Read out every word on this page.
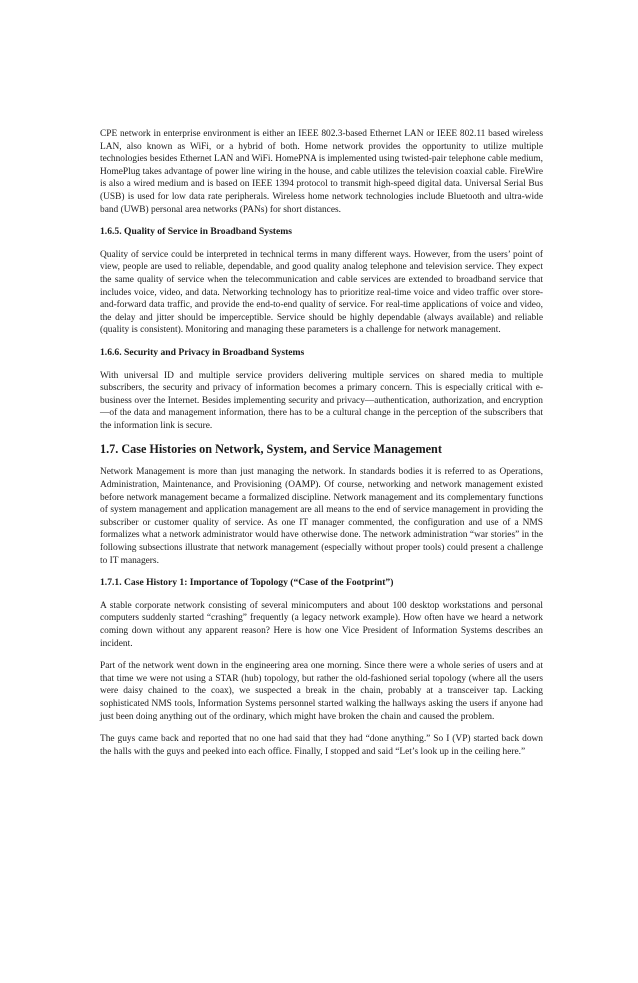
CPE network in enterprise environment is either an IEEE 802.3-based Ethernet LAN or IEEE 802.11 based wireless LAN, also known as WiFi, or a hybrid of both. Home network provides the opportunity to utilize multiple technologies besides Ethernet LAN and WiFi. HomePNA is implemented using twisted-pair telephone cable medium, HomePlug takes advantage of power line wiring in the house, and cable utilizes the television coaxial cable. FireWire is also a wired medium and is based on IEEE 1394 protocol to transmit high-speed digital data. Universal Serial Bus (USB) is used for low data rate peripherals. Wireless home network technologies include Bluetooth and ultra-wide band (UWB) personal area networks (PANs) for short distances.

1.6.5. Quality of Service in Broadband Systems

Quality of service could be interpreted in technical terms in many different ways. However, from the users’ point of view, people are used to reliable, dependable, and good quality analog telephone and television service. They expect the same quality of service when the telecommunication and cable services are extended to broadband service that includes voice, video, and data. Networking technology has to prioritize real-time voice and video traffic over store-and-forward data traffic, and provide the end-to-end quality of service. For real-time applications of voice and video, the delay and jitter should be imperceptible. Service should be highly dependable (always available) and reliable (quality is consistent). Monitoring and managing these parameters is a challenge for network management.

1.6.6. Security and Privacy in Broadband Systems

With universal ID and multiple service providers delivering multiple services on shared media to multiple subscribers, the security and privacy of information becomes a primary concern. This is especially critical with e-business over the Internet. Besides implementing security and privacy—authentication, authorization, and encryption—of the data and management information, there has to be a cultural change in the perception of the subscribers that the information link is secure.

1.7. Case Histories on Network, System, and Service Management

Network Management is more than just managing the network. In standards bodies it is referred to as Operations, Administration, Maintenance, and Provisioning (OAMP). Of course, networking and network management existed before network management became a formalized discipline. Network management and its complementary functions of system management and application management are all means to the end of service management in providing the subscriber or customer quality of service. As one IT manager commented, the configuration and use of a NMS formalizes what a network administrator would have otherwise done. The network administration “war stories” in the following subsections illustrate that network management (especially without proper tools) could present a challenge to IT managers.

1.7.1. Case History 1: Importance of Topology (“Case of the Footprint”)

A stable corporate network consisting of several minicomputers and about 100 desktop workstations and personal computers suddenly started “crashing” frequently (a legacy network example). How often have we heard a network coming down without any apparent reason? Here is how one Vice President of Information Systems describes an incident.

Part of the network went down in the engineering area one morning. Since there were a whole series of users and at that time we were not using a STAR (hub) topology, but rather the old-fashioned serial topology (where all the users were daisy chained to the coax), we suspected a break in the chain, probably at a transceiver tap. Lacking sophisticated NMS tools, Information Systems personnel started walking the hallways asking the users if anyone had just been doing anything out of the ordinary, which might have broken the chain and caused the problem.

The guys came back and reported that no one had said that they had “done anything.” So I (VP) started back down the halls with the guys and peeked into each office. Finally, I stopped and said “Let’s look up in the ceiling here.”
